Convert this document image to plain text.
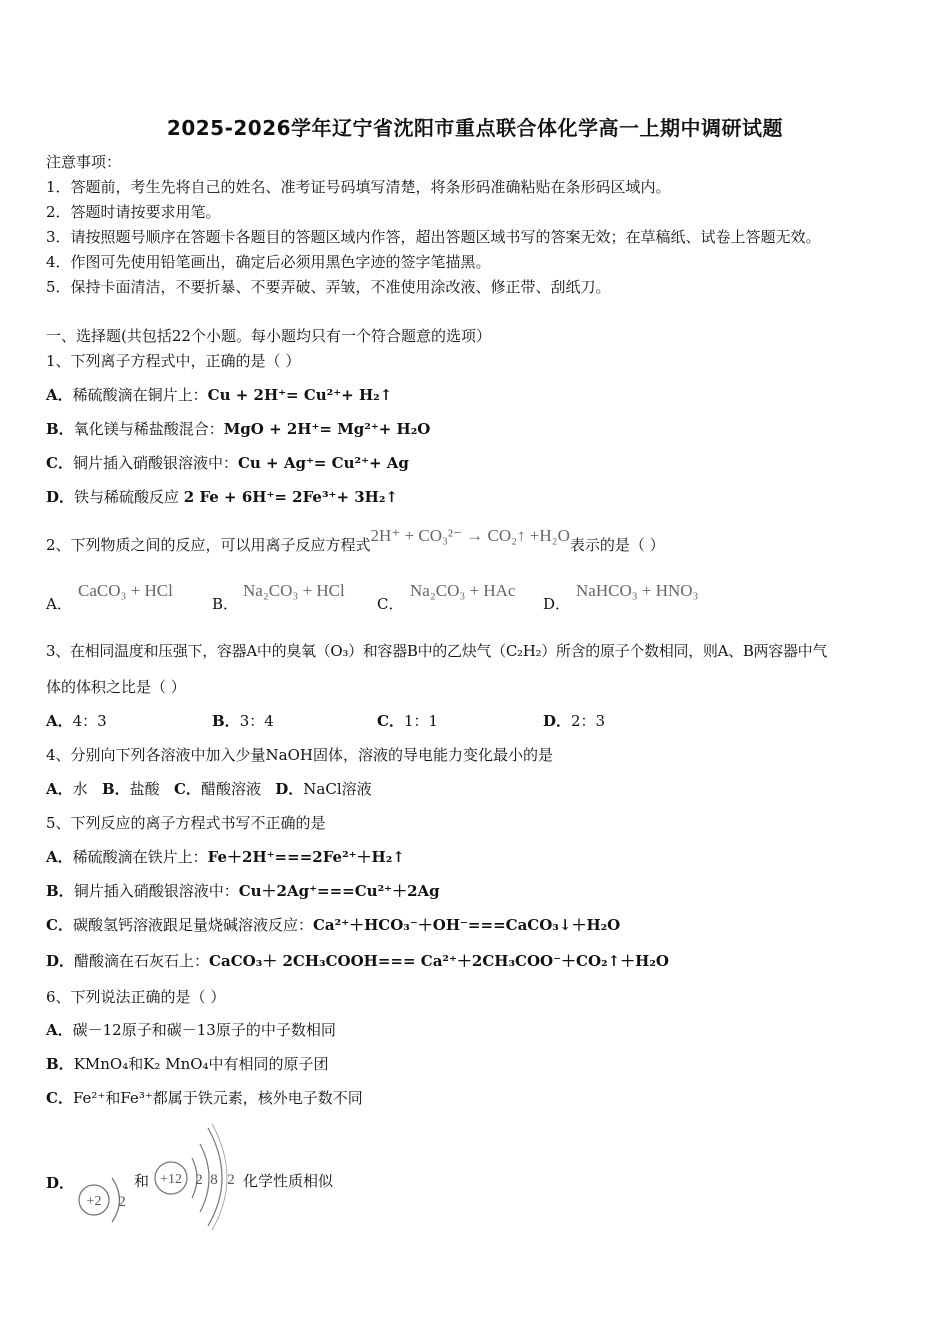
2025-2026学年辽宁省沈阳市重点联合体化学高一上期中调研试题
注意事项：
1．答题前，考生先将自己的姓名、准考证号码填写清楚，将条形码准确粘贴在条形码区域内。
2．答题时请按要求用笔。
3．请按照题号顺序在答题卡各题目的答题区域内作答，超出答题区域书写的答案无效；在草稿纸、试卷上答题无效。
4．作图可先使用铅笔画出，确定后必须用黑色字迹的签字笔描黑。
5．保持卡面清洁，不要折暴、不要弄破、弄皱，不准使用涂改液、修正带、刮纸刀。
一、选择题(共包括22个小题。每小题均只有一个符合题意的选项）
1、下列离子方程式中，正确的是（ ）
A．稀硫酸滴在铜片上：Cu + 2H⁺= Cu²⁺+ H₂↑
B．氧化镁与稀盐酸混合：MgO + 2H⁺= Mg²⁺+ H₂O
C．铜片插入硝酸银溶液中：Cu + Ag⁺= Cu²⁺+ Ag
D．铁与稀硫酸反应 2 Fe + 6H⁺= 2Fe³⁺+ 3H₂↑
2、下列物质之间的反应，可以用离子反应方程式2H⁺ + CO₃²⁻ → CO₂↑ +H₂O表示的是（ ）
A．
CaCO₃ + HCl
B．
Na₂CO₃ + HCl
C．
Na₂CO₃ + HAc
D．
NaHCO₃ + HNO₃
3、在相同温度和压强下，容器A中的臭氧（O₃）和容器B中的乙炔气（C₂H₂）所含的原子个数相同，则A、B两容器中气
体的体积之比是（ ）
A．4：3	B．3：4	C．1：1	D．2：3
4、分别向下列各溶液中加入少量NaOH固体，溶液的导电能力变化最小的是
A．水 B．盐酸 C．醋酸溶液 D．NaCl溶液
5、下列反应的离子方程式书写不正确的是
A．稀硫酸滴在铁片上：Fe＋2H⁺===2Fe²⁺＋H₂↑
B．铜片插入硝酸银溶液中：Cu＋2Ag⁺===Cu²⁺＋2Ag
C．碳酸氢钙溶液跟足量烧碱溶液反应：Ca²⁺＋HCO₃⁻＋OH⁻===CaCO₃↓＋H₂O
D．醋酸滴在石灰石上：CaCO₃＋ 2CH₃COOH=== Ca²⁺＋2CH₃COO⁻＋CO₂↑＋H₂O
6、下列说法正确的是（ ）
A．碳－12原子和碳－13原子的中子数相同
B．KMnO₄和K₂ MnO₄中有相同的原子团
C．Fe²⁺和Fe³⁺都属于铁元素，核外电子数不同
D．
+2 2
和 +12 2 8 2 化学性质相似
